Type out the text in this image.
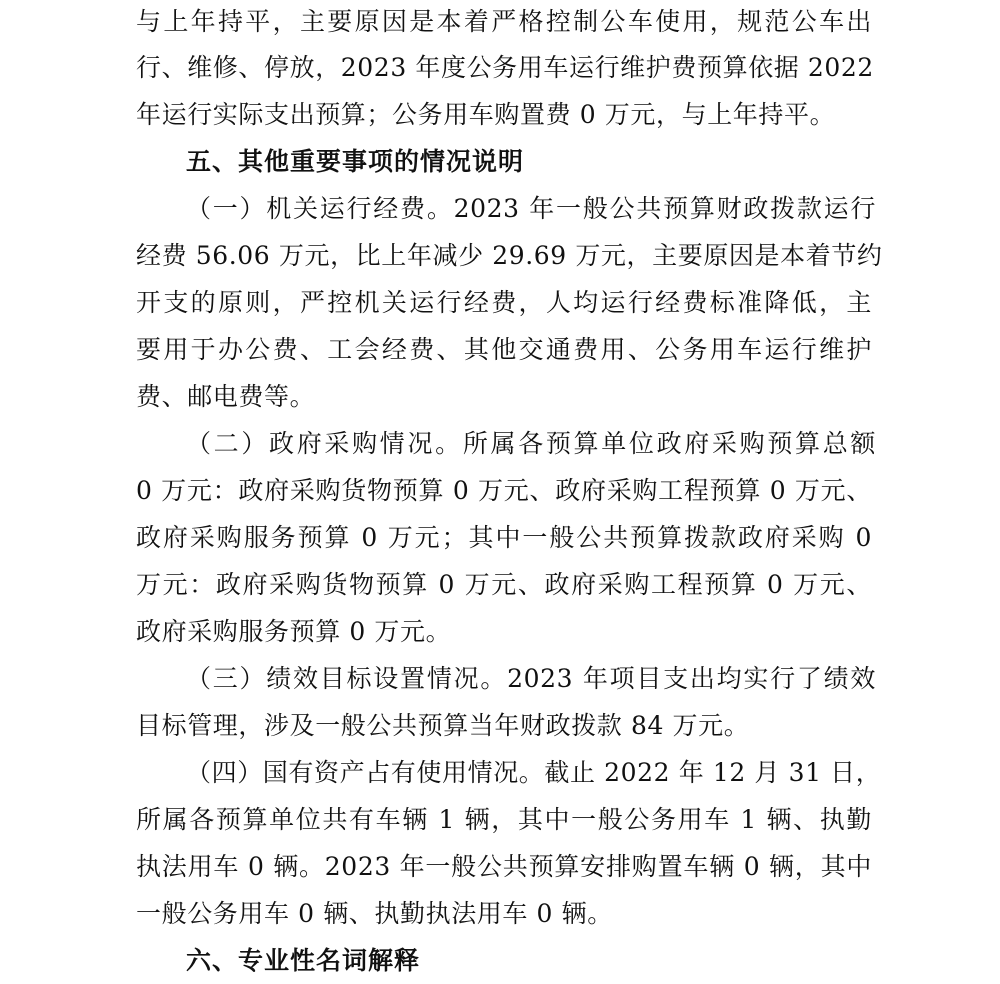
与上年持平，主要原因是本着严格控制公车使用，规范公车出
行、维修、停放，2023 年度公务用车运行维护费预算依据 2022
年运行实际支出预算；公务用车购置费 0 万元，与上年持平。
五、其他重要事项的情况说明
（一）机关运行经费。2023 年一般公共预算财政拨款运行
经费 56.06 万元，比上年减少 29.69 万元，主要原因是本着节约
开支的原则，严控机关运行经费，人均运行经费标准降低，主
要用于办公费、工会经费、其他交通费用、公务用车运行维护
费、邮电费等。
（二）政府采购情况。所属各预算单位政府采购预算总额
0 万元：政府采购货物预算 0 万元、政府采购工程预算 0 万元、
政府采购服务预算 0 万元；其中一般公共预算拨款政府采购 0
万元：政府采购货物预算 0 万元、政府采购工程预算 0 万元、
政府采购服务预算 0 万元。
（三）绩效目标设置情况。2023 年项目支出均实行了绩效
目标管理，涉及一般公共预算当年财政拨款 84 万元。
（四）国有资产占有使用情况。截止 2022 年 12 月 31 日，
所属各预算单位共有车辆 1 辆，其中一般公务用车 1 辆、执勤
执法用车 0 辆。2023 年一般公共预算安排购置车辆 0 辆，其中
一般公务用车 0 辆、执勤执法用车 0 辆。
六、专业性名词解释
